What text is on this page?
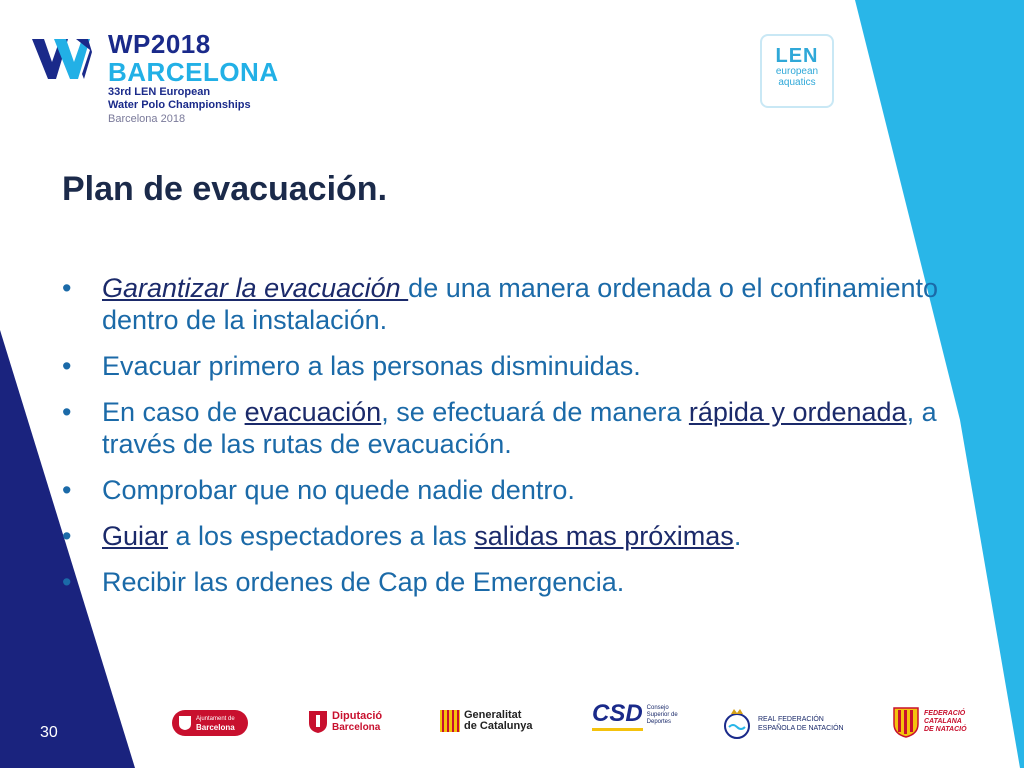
WP2018
BARCELONA
33rd LEN European
Water Polo Championships
Barcelona 2018
LEN
european
aquatics
Plan de evacuación.
• Garantizar la evacuación de una manera ordenada o el confinamiento dentro de la instalación.
• Evacuar primero a las personas disminuidas.
• En caso de evacuación, se efectuará de manera rápida y ordenada, a través de las rutas de evacuación.
• Comprobar que no quede nadie dentro.
• Guiar a los espectadores a las salidas mas próximas.
• Recibir las ordenes de Cap de Emergencia.
30
Ajuntament de
Barcelona
Diputació
Barcelona
Generalitat
de Catalunya CSD Consejo
Superior de
Deportes	REAL FEDERACIÓN
ESPAÑOLA DE NATACIÓN
FEDERACIÓ
CATALANA
DE NATACIÓ
